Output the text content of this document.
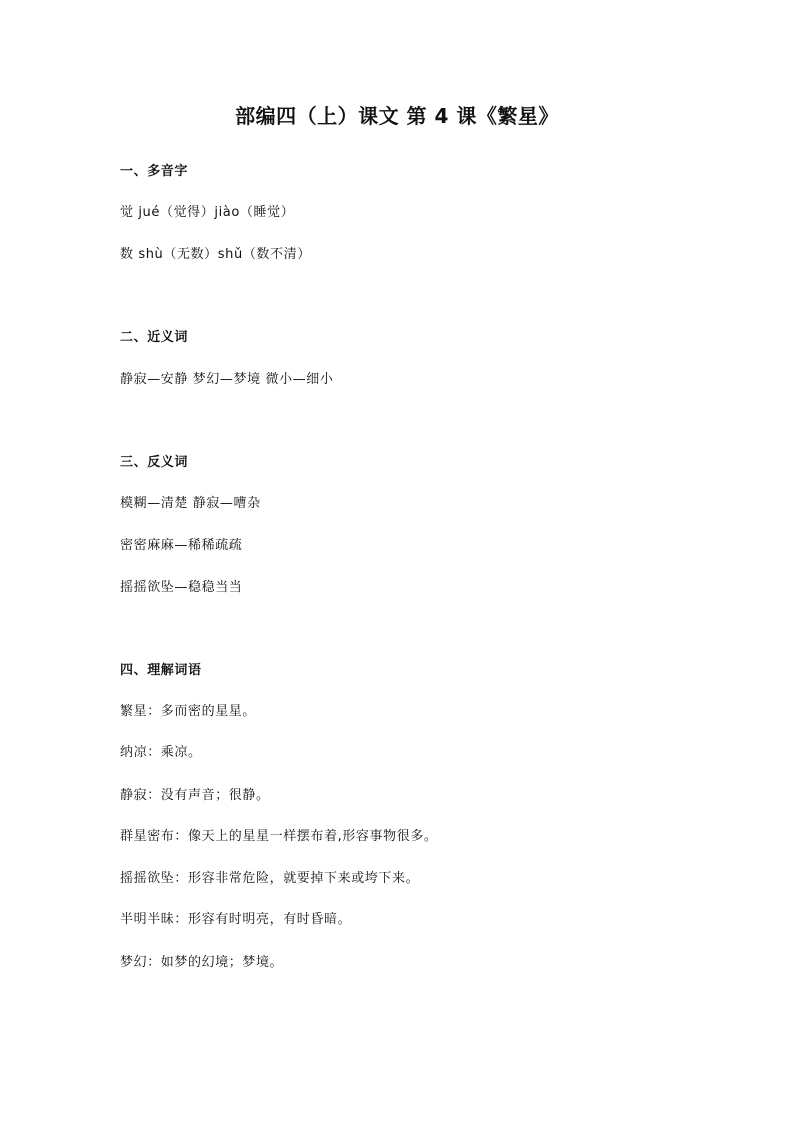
部编四（上）课文 第 4 课《繁星》
一、多音字
觉 jué（觉得）jiào（睡觉）
数 shù（无数）shǔ（数不清）
二、近义词
静寂—安静 梦幻—梦境 微小—细小
三、反义词
模糊—清楚 静寂—嘈杂
密密麻麻—稀稀疏疏
摇摇欲坠—稳稳当当
四、理解词语
繁星：多而密的星星。
纳凉：乘凉。
静寂：没有声音；很静。
群星密布：像天上的星星一样摆布着,形容事物很多。
摇摇欲坠：形容非常危险，就要掉下来或垮下来。
半明半昧：形容有时明亮，有时昏暗。
梦幻：如梦的幻境；梦境。
